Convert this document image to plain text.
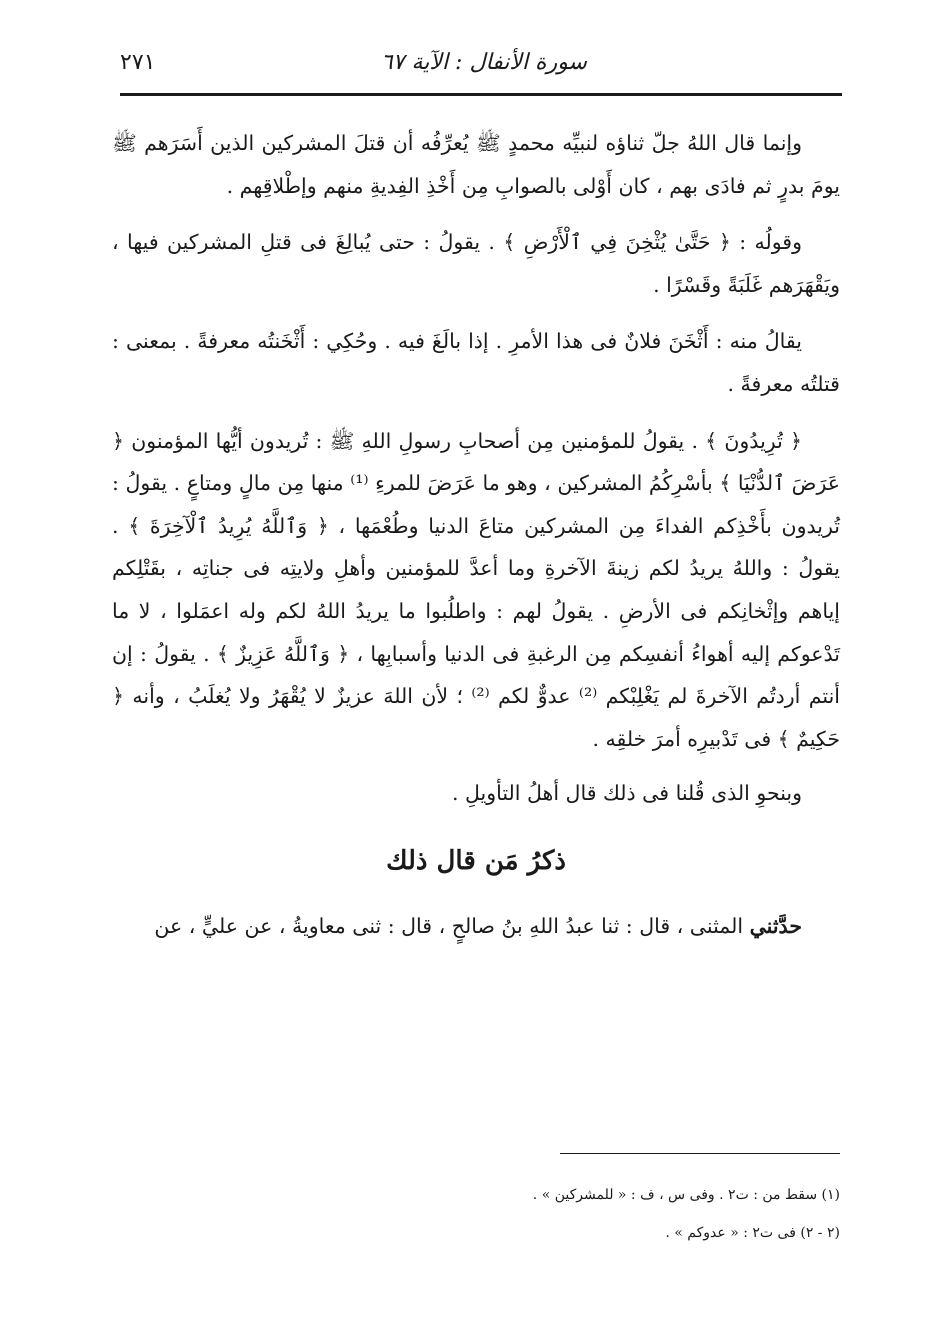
سورة الأنفال : الآية ٦٧
٢٧١

وإنما قال اللهُ جلّ ثناؤه لنبيِّه محمدٍ ﷺ يُعرِّفُه أن قتلَ المشركين الذين أَسَرَهم ﷺ يومَ بدرٍ ثم فادَى بهم ، كان أَوْلى بالصوابِ مِن أَخْذِ الفِديةِ منهم وإطْلاقِهم .

وقولُه : ﴿ حَتَّىٰ يُثْخِنَ فِي ٱلْأَرْضِ ﴾ . يقولُ : حتى يُبالِغَ فى قتلِ المشركين فيها ، ويَقْهَرَهم غَلَبَةً وقَسْرًا .

يقالُ منه : أَثْخَنَ فلانٌ فى هذا الأمرِ . إذا بالَغَ فيه . وحُكِي : أَثْخَنتُه معرفةً . بمعنى : قتلتُه معرفةً .

﴿ تُرِيدُونَ ﴾ . يقولُ للمؤمنين مِن أصحابِ رسولِ اللهِ ﷺ : تُريدون أيُّها المؤمنون ﴿ عَرَضَ ٱلدُّنْيَا ﴾ بأسْرِكُمُ المشركين ، وهو ما عَرَضَ للمرءِ ⁽¹⁾ منها مِن مالٍ ومتاعٍ . يقولُ : تُريدون بأَخْذِكم الفداءَ مِن المشركين متاعَ الدنيا وطُعْمَها ، ﴿ وَٱللَّهُ يُرِيدُ ٱلْآخِرَةَ ﴾ . يقولُ : واللهُ يريدُ لكم زينةَ الآخرةِ وما أعدَّ للمؤمنين وأهلِ ولايتِه فى جناتِه ، بقَتْلِكم إياهم وإثْخانِكم فى الأرضِ . يقولُ لهم : واطلُبوا ما يريدُ اللهُ لكم وله اعمَلوا ، لا ما تَدْعوكم إليه أهواءُ أنفسِكم مِن الرغبةِ فى الدنيا وأسبابِها ، ﴿ وَٱللَّهُ عَزِيزٌ ﴾ . يقولُ : إن أنتم أردتُم الآخرةَ لم يَغْلِبْكم ⁽²⁾ عدوٌّ لكم ⁽²⁾ ؛ لأن اللهَ عزيزٌ لا يُقْهَرُ ولا يُغلَبُ ، وأنه ﴿ حَكِيمٌ ﴾ فى تَدْبيرِه أمرَ خلقِه .

وبنحوِ الذى قُلنا فى ذلك قال أهلُ التأويلِ .

ذكرُ مَن قال ذلك

حدَّثني المثنى ، قال : ثنا عبدُ اللهِ بنُ صالحٍ ، قال : ثنى معاويةُ ، عن عليٍّ ، عن

(١) سقط من : ت٢ . وفى س ، ف : « للمشركين » .

(٢ - ٢) فى ت٢ : « عدوكم » .
